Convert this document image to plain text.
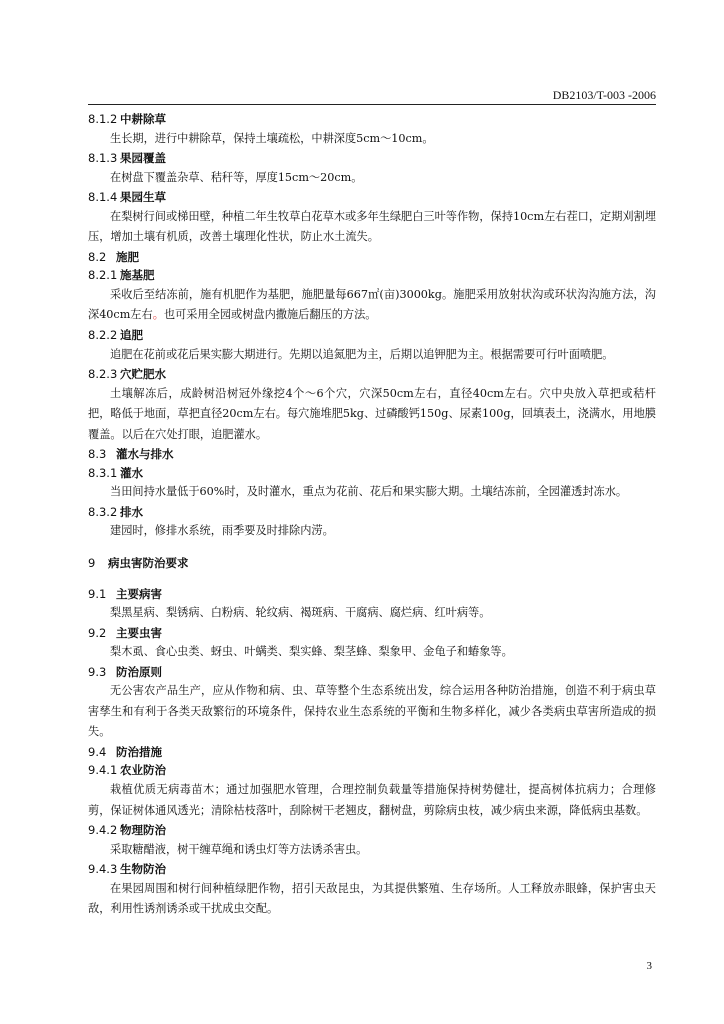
DB2103/T-003 -2006
8.1.2 中耕除草

生长期，进行中耕除草，保持土壤疏松，中耕深度5cm～10cm。

8.1.3 果园覆盖

在树盘下覆盖杂草、秸秆等，厚度15cm～20cm。

8.1.4 果园生草

在梨树行间或梯田壁，种植二年生牧草白花草木或多年生绿肥白三叶等作物，保持10cm左右茬口，定期刈割埋压，增加土壤有机质，改善土壤理化性状，防止水土流失。

8.2 施肥
8.2.1 施基肥

采收后至结冻前，施有机肥作为基肥，施肥量每667㎡(亩)3000kg。施肥采用放射状沟或环状沟沟施方法，沟深40cm左右。也可采用全园或树盘内撒施后翻压的方法。

8.2.2 追肥

追肥在花前或花后果实膨大期进行。先期以追氮肥为主，后期以追钾肥为主。根据需要可行叶面喷肥。

8.2.3 穴贮肥水

土壤解冻后，成龄树沿树冠外缘挖4个～6个穴，穴深50cm左右，直径40cm左右。穴中央放入草把或秸杆把，略低于地面，草把直径20cm左右。每穴施堆肥5kg、过磷酸钙150g、尿素100g，回填表土，浇满水，用地膜覆盖。以后在穴处打眼，追肥灌水。

8.3 灌水与排水
8.3.1 灌水

当田间持水量低于60%时，及时灌水，重点为花前、花后和果实膨大期。土壤结冻前，全园灌透封冻水。

8.3.2 排水

建园时，修排水系统，雨季要及时排除内涝。

9 病虫害防治要求
9.1 主要病害

梨黑星病、梨锈病、白粉病、轮纹病、褐斑病、干腐病、腐烂病、红叶病等。

9.2 主要虫害

梨木虱、食心虫类、蚜虫、叶螨类、梨实蜂、梨茎蜂、梨象甲、金龟子和蝽象等。

9.3 防治原则

无公害农产品生产，应从作物和病、虫、草等整个生态系统出发，综合运用各种防治措施，创造不利于病虫草害孳生和有利于各类天敌繁衍的环境条件，保持农业生态系统的平衡和生物多样化，减少各类病虫草害所造成的损失。

9.4 防治措施
9.4.1 农业防治

栽植优质无病毒苗木；通过加强肥水管理，合理控制负载量等措施保持树势健壮，提高树体抗病力；合理修剪，保证树体通风透光；清除枯枝落叶，刮除树干老翘皮，翻树盘，剪除病虫枝，减少病虫来源，降低病虫基数。

9.4.2 物理防治

采取糖醋液，树干缠草绳和诱虫灯等方法诱杀害虫。

9.4.3 生物防治

在果园周围和树行间种植绿肥作物，招引天敌昆虫，为其提供繁殖、生存场所。人工释放赤眼蜂，保护害虫天敌，利用性诱剂诱杀或干扰成虫交配。

3
